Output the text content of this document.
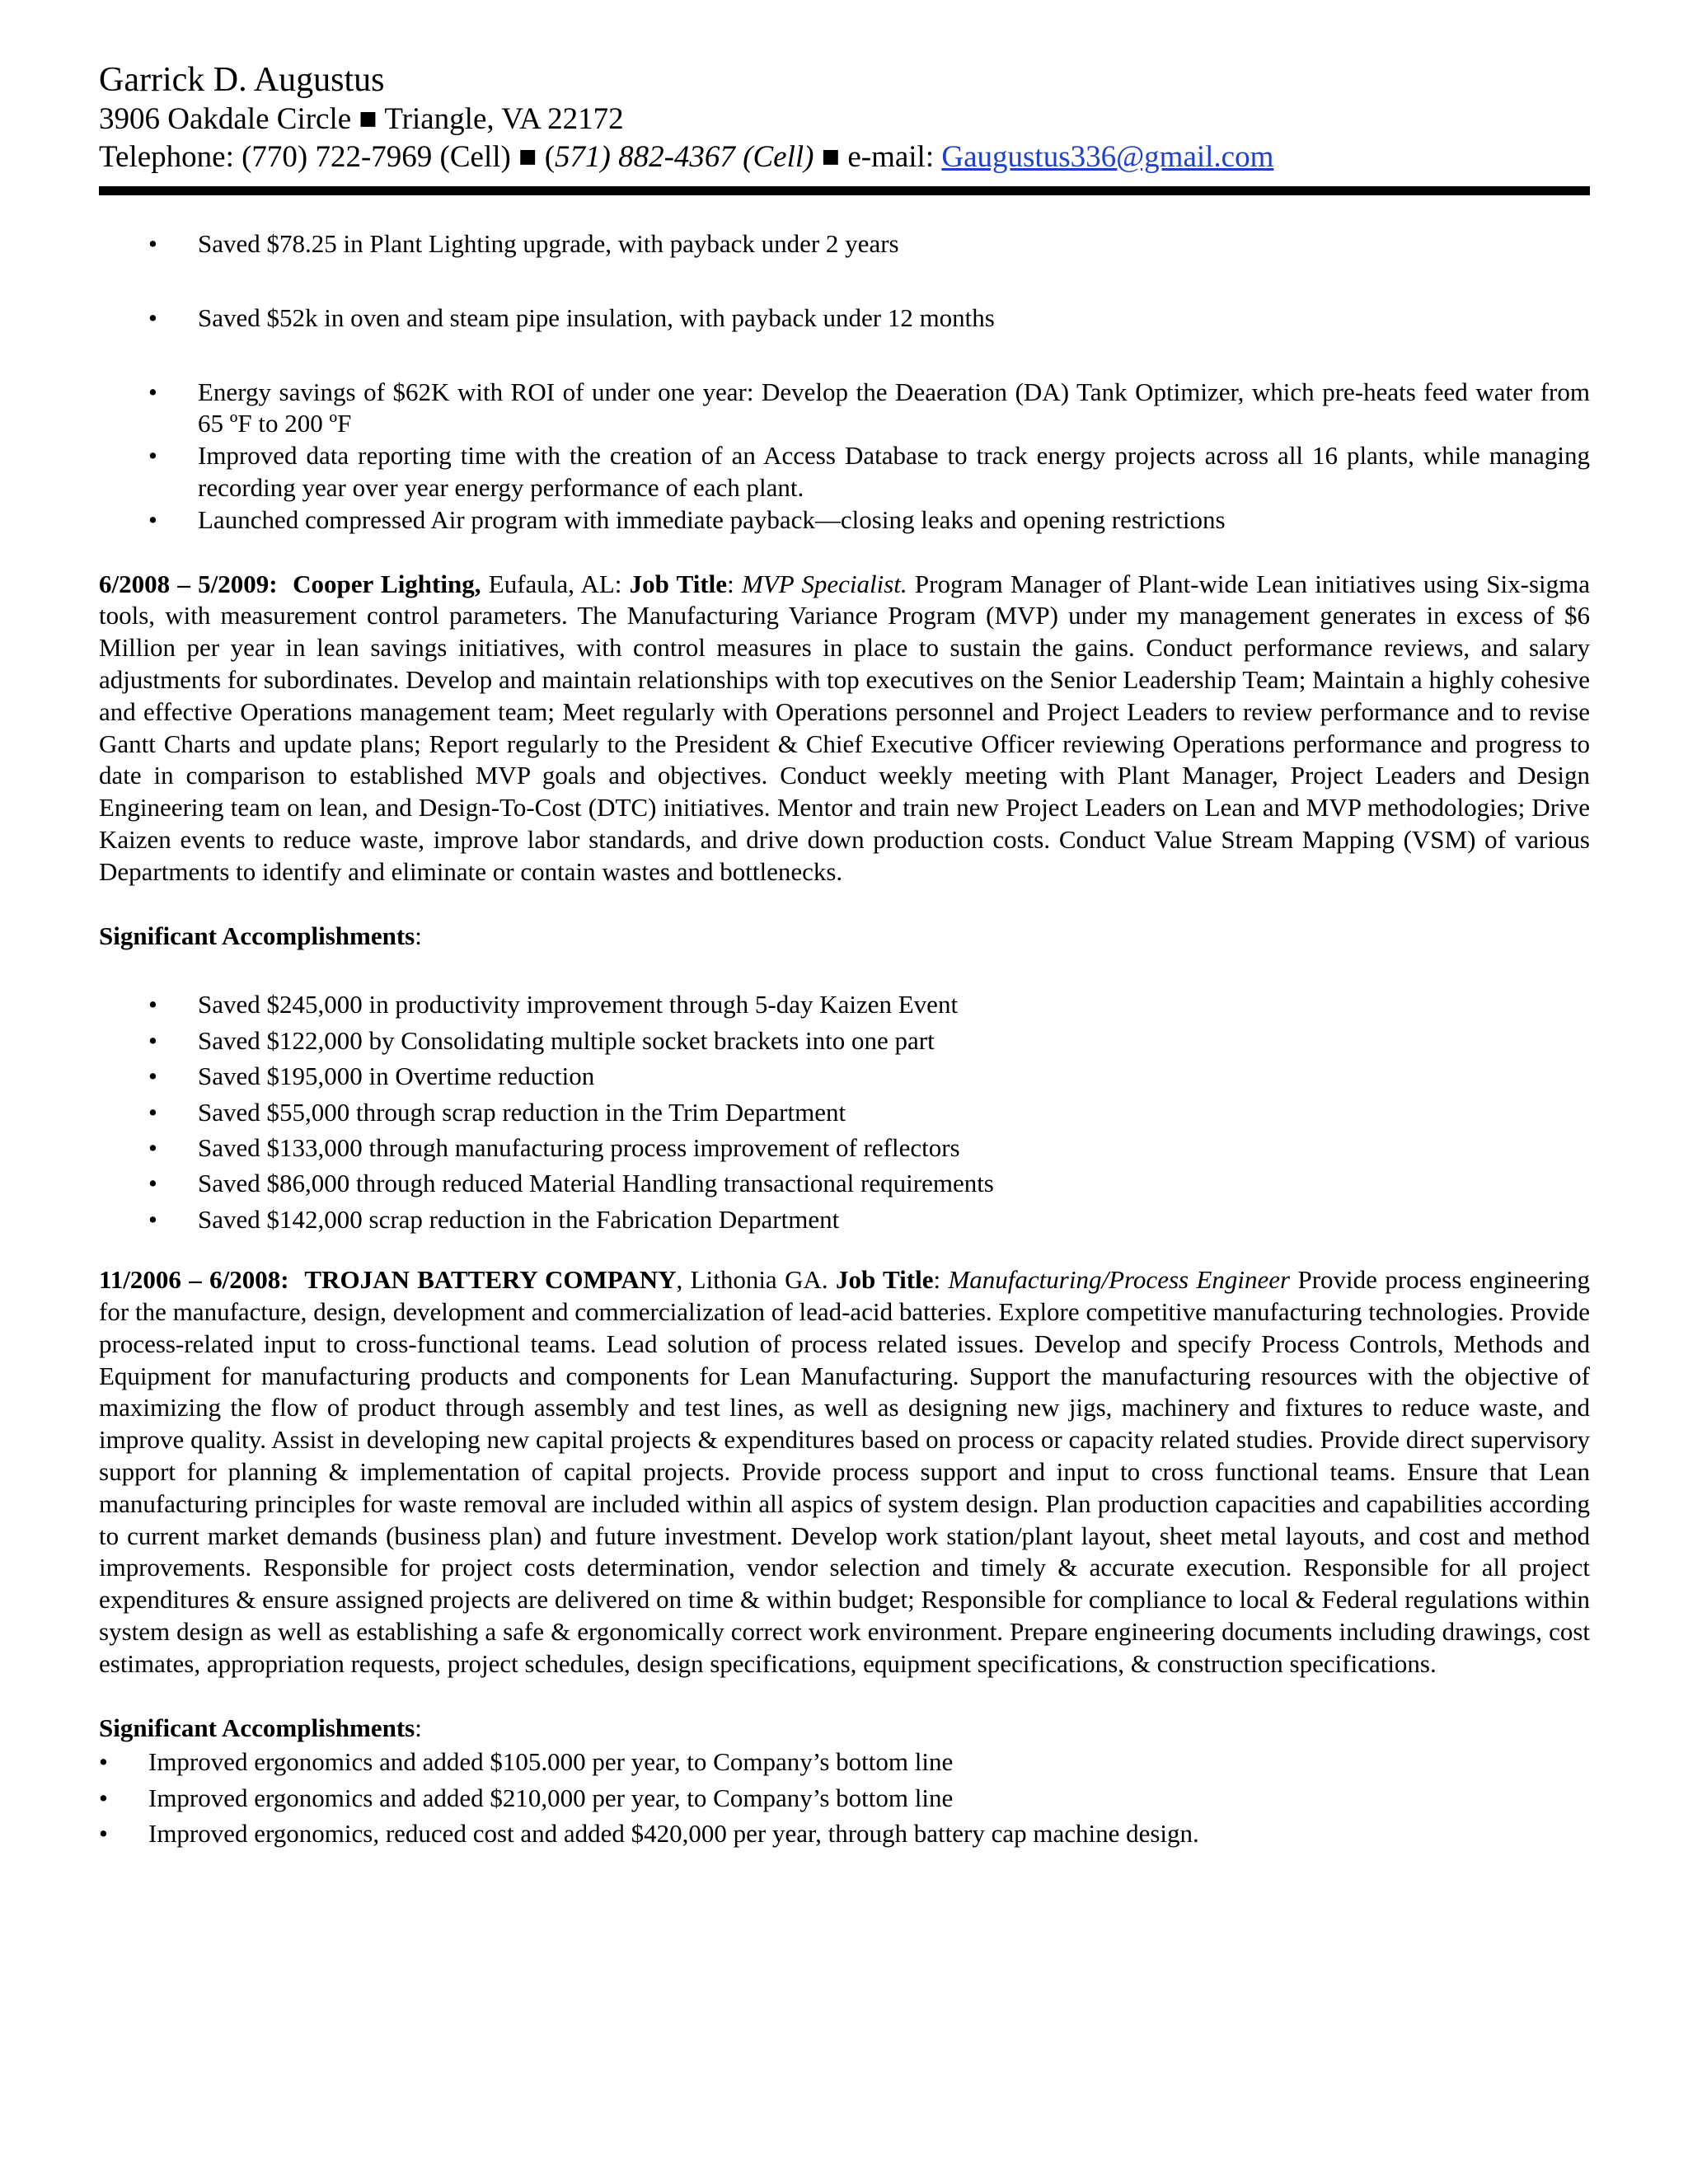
Garrick D. Augustus
3906 Oakdale Circle ■ Triangle, VA 22172
Telephone: (770) 722-7969 (Cell) ■ (571) 882-4367 (Cell) ■ e-mail: Gaugustus336@gmail.com
• Saved $78.25 in Plant Lighting upgrade, with payback under 2 years
• Saved $52k in oven and steam pipe insulation, with payback under 12 months
• Energy savings of $62K with ROI of under one year: Develop the Deaeration (DA) Tank Optimizer, which pre-heats feed water from 65 ºF to 200 ºF
• Improved data reporting time with the creation of an Access Database to track energy projects across all 16 plants, while managing recording year over year energy performance of each plant.
• Launched compressed Air program with immediate payback—closing leaks and opening restrictions

6/2008 – 5/2009: Cooper Lighting, Eufaula, AL: Job Title: MVP Specialist. Program Manager of Plant-wide Lean initiatives using Six-sigma tools, with measurement control parameters. The Manufacturing Variance Program (MVP) under my management generates in excess of $6 Million per year in lean savings initiatives, with control measures in place to sustain the gains. Conduct performance reviews, and salary adjustments for subordinates. Develop and maintain relationships with top executives on the Senior Leadership Team; Maintain a highly cohesive and effective Operations management team; Meet regularly with Operations personnel and Project Leaders to review performance and to revise Gantt Charts and update plans; Report regularly to the President & Chief Executive Officer reviewing Operations performance and progress to date in comparison to established MVP goals and objectives. Conduct weekly meeting with Plant Manager, Project Leaders and Design Engineering team on lean, and Design-To-Cost (DTC) initiatives. Mentor and train new Project Leaders on Lean and MVP methodologies; Drive Kaizen events to reduce waste, improve labor standards, and drive down production costs. Conduct Value Stream Mapping (VSM) of various Departments to identify and eliminate or contain wastes and bottlenecks.

Significant Accomplishments:
• Saved $245,000 in productivity improvement through 5-day Kaizen Event
• Saved $122,000 by Consolidating multiple socket brackets into one part
• Saved $195,000 in Overtime reduction
• Saved $55,000 through scrap reduction in the Trim Department
• Saved $133,000 through manufacturing process improvement of reflectors
• Saved $86,000 through reduced Material Handling transactional requirements
• Saved $142,000 scrap reduction in the Fabrication Department

11/2006 – 6/2008: TROJAN BATTERY COMPANY, Lithonia GA. Job Title: Manufacturing/Process Engineer Provide process engineering for the manufacture, design, development and commercialization of lead-acid batteries. Explore competitive manufacturing technologies. Provide process-related input to cross-functional teams. Lead solution of process related issues. Develop and specify Process Controls, Methods and Equipment for manufacturing products and components for Lean Manufacturing. Support the manufacturing resources with the objective of maximizing the flow of product through assembly and test lines, as well as designing new jigs, machinery and fixtures to reduce waste, and improve quality. Assist in developing new capital projects & expenditures based on process or capacity related studies. Provide direct supervisory support for planning & implementation of capital projects. Provide process support and input to cross functional teams. Ensure that Lean manufacturing principles for waste removal are included within all aspics of system design. Plan production capacities and capabilities according to current market demands (business plan) and future investment. Develop work station/plant layout, sheet metal layouts, and cost and method improvements. Responsible for project costs determination, vendor selection and timely & accurate execution. Responsible for all project expenditures & ensure assigned projects are delivered on time & within budget; Responsible for compliance to local & Federal regulations within system design as well as establishing a safe & ergonomically correct work environment. Prepare engineering documents including drawings, cost estimates, appropriation requests, project schedules, design specifications, equipment specifications, & construction specifications.

Significant Accomplishments:
• Improved ergonomics and added $105.000 per year, to Company’s bottom line
• Improved ergonomics and added $210,000 per year, to Company’s bottom line
• Improved ergonomics, reduced cost and added $420,000 per year, through battery cap machine design.
